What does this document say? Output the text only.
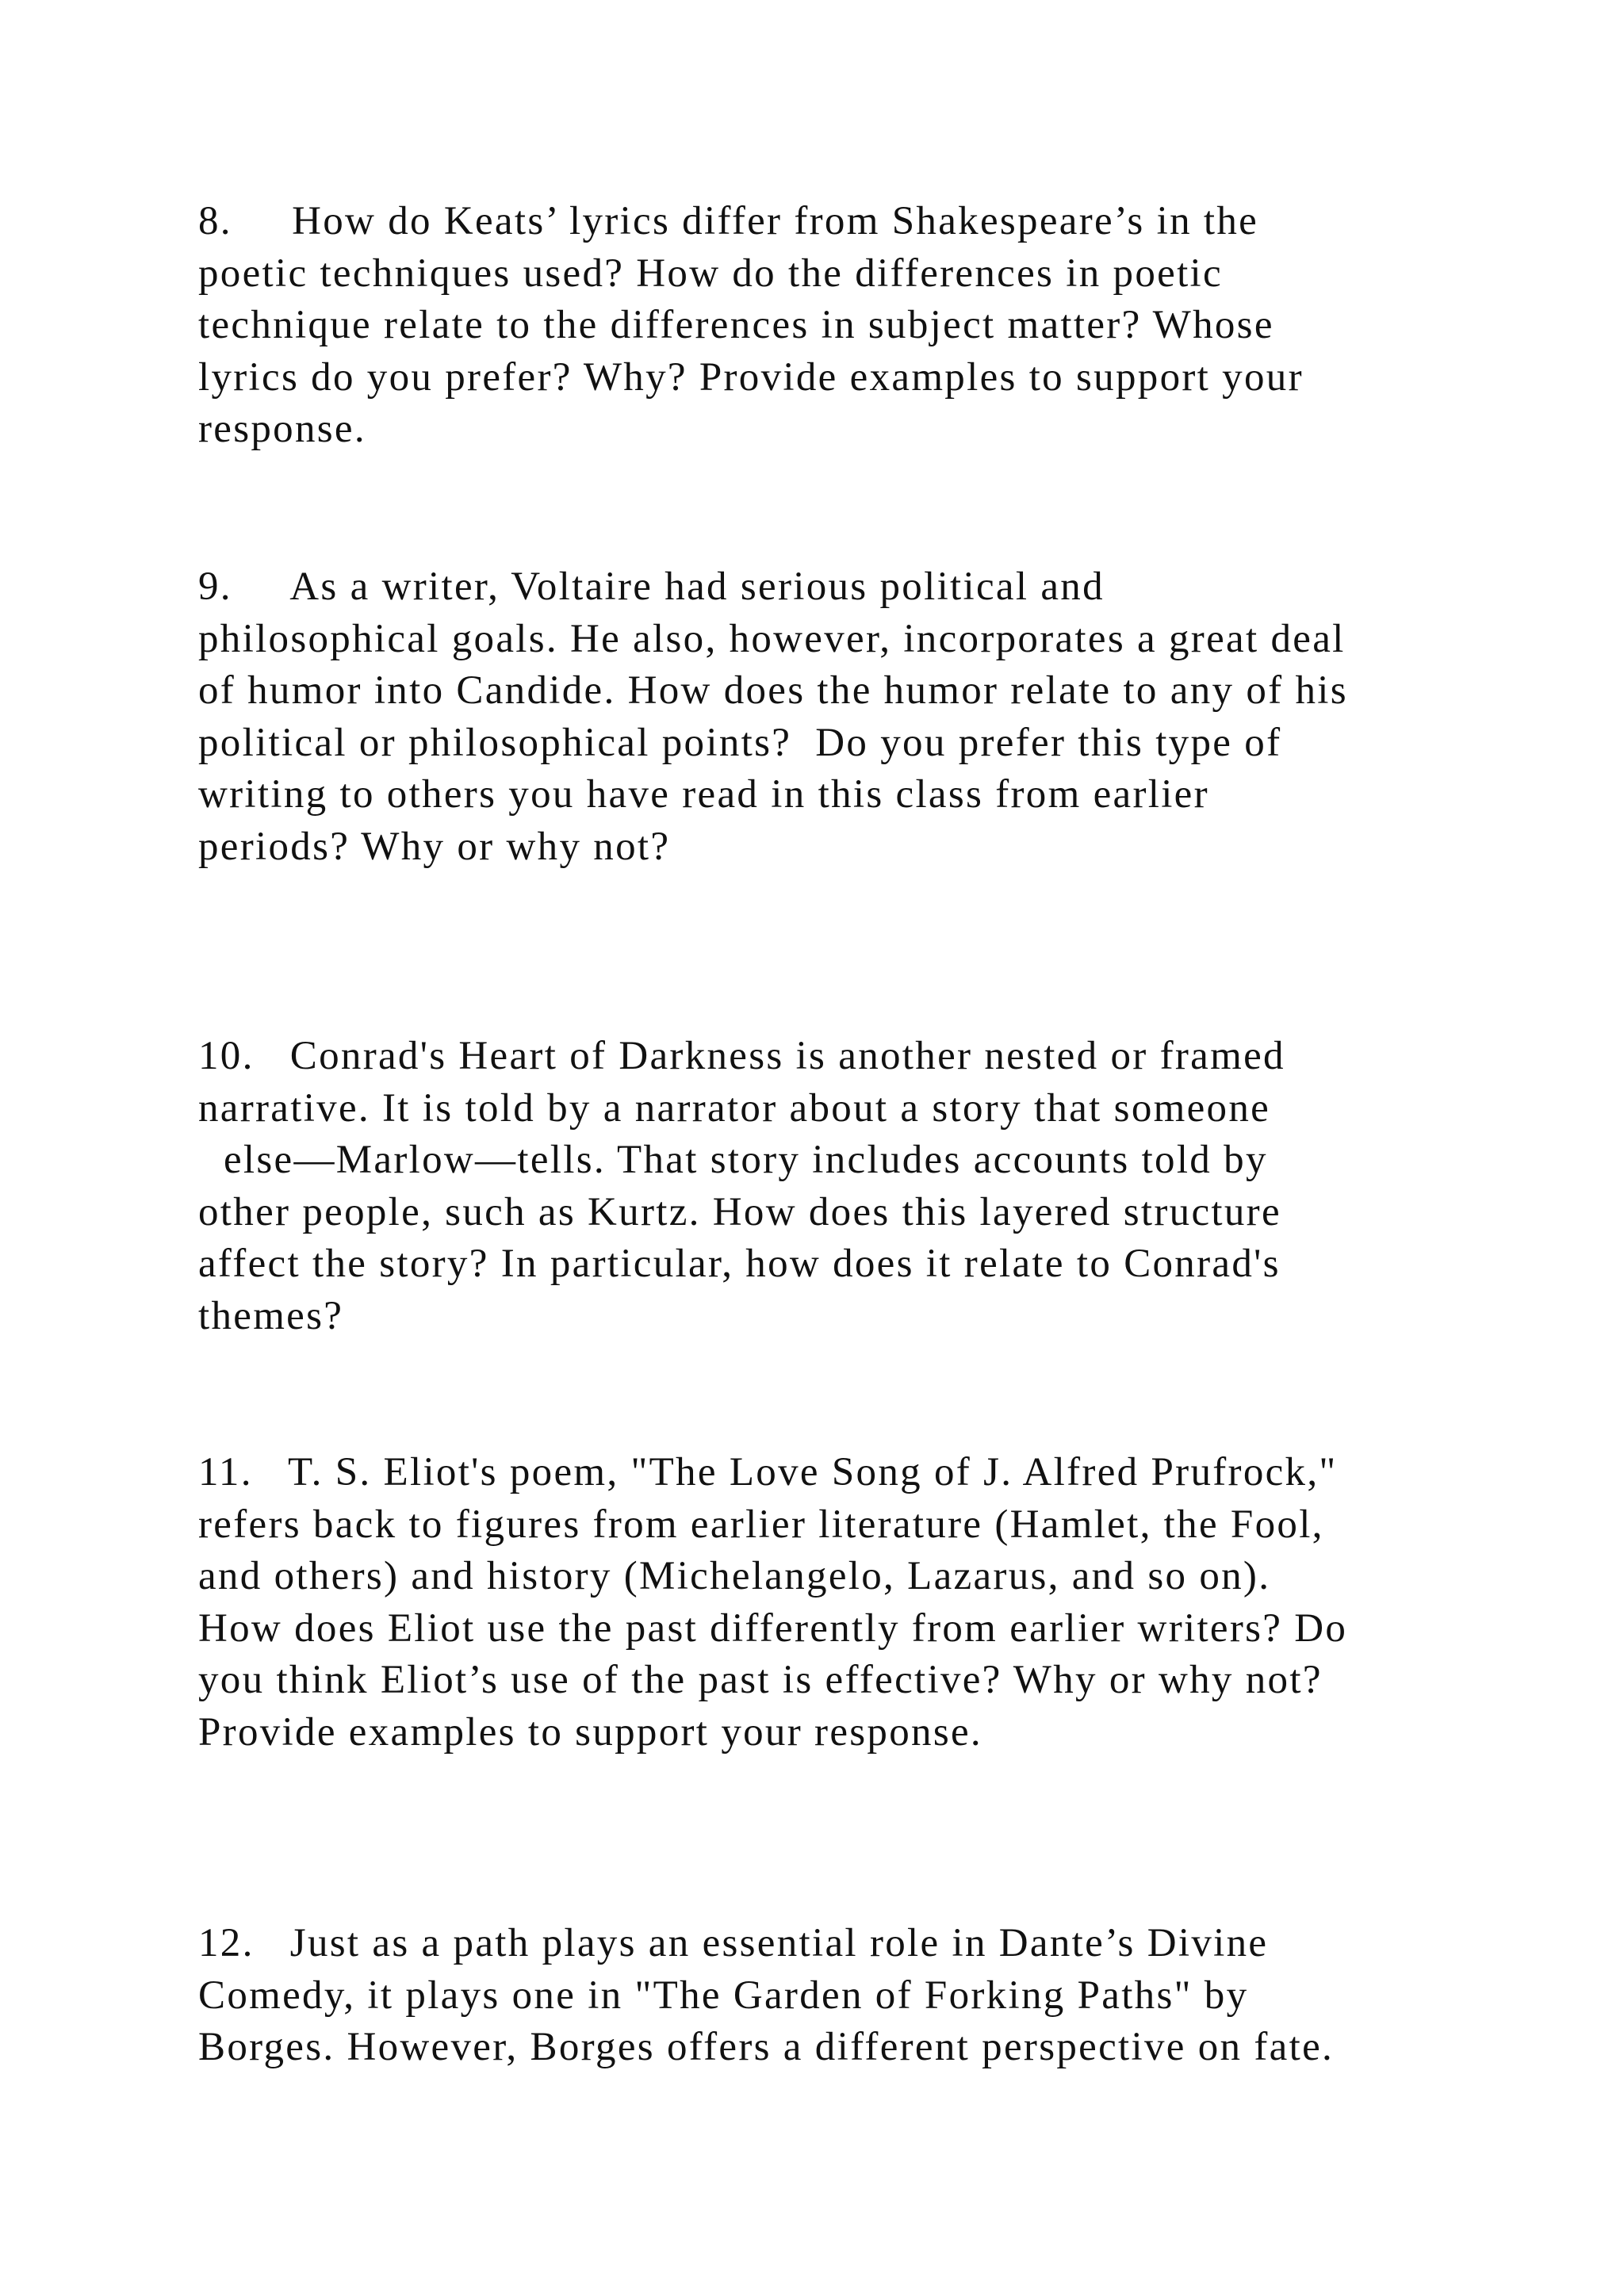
8.     How do Keats’ lyrics differ from Shakespeare’s in the
poetic techniques used? How do the differences in poetic
technique relate to the differences in subject matter? Whose
lyrics do you prefer? Why? Provide examples to support your
response.
9.     As a writer, Voltaire had serious political and
philosophical goals. He also, however, incorporates a great deal
of humor into Candide. How does the humor relate to any of his
political or philosophical points?  Do you prefer this type of
writing to others you have read in this class from earlier
periods? Why or why not?
10.   Conrad's Heart of Darkness is another nested or framed
narrative. It is told by a narrator about a story that someone
else—Marlow—tells. That story includes accounts told by
other people, such as Kurtz. How does this layered structure
affect the story? In particular, how does it relate to Conrad's
themes?
11.   T. S. Eliot's poem, "The Love Song of J. Alfred Prufrock,"
refers back to figures from earlier literature (Hamlet, the Fool,
and others) and history (Michelangelo, Lazarus, and so on).
How does Eliot use the past differently from earlier writers? Do
you think Eliot’s use of the past is effective? Why or why not?
Provide examples to support your response.
12.   Just as a path plays an essential role in Dante’s Divine
Comedy, it plays one in "The Garden of Forking Paths" by
Borges. However, Borges offers a different perspective on fate.
